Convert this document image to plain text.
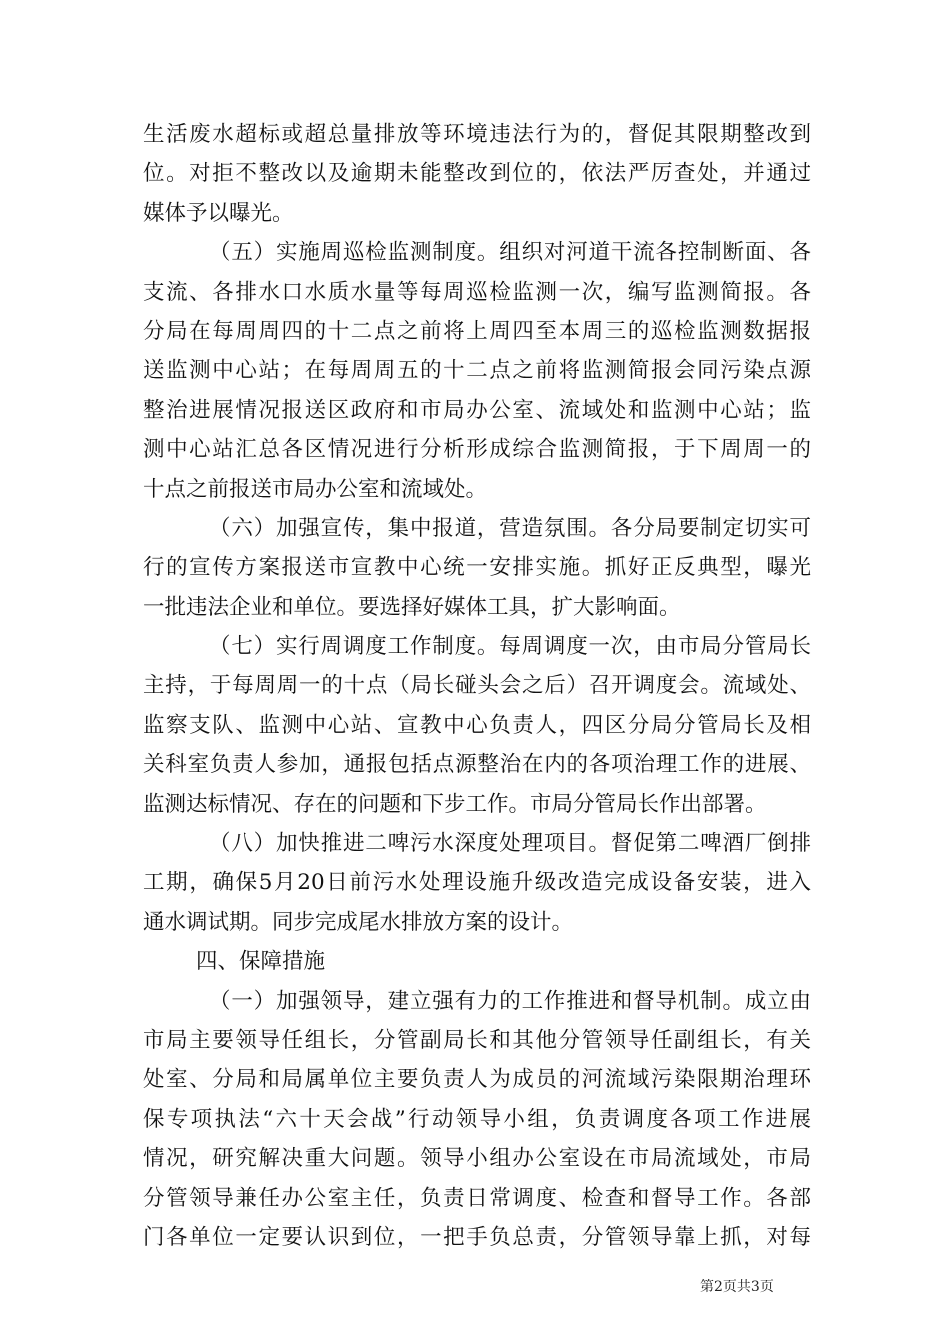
生活废水超标或超总量排放等环境违法行为的，督促其限期整改到
位。对拒不整改以及逾期未能整改到位的，依法严厉查处，并通过
媒体予以曝光。
（五）实施周巡检监测制度。组织对河道干流各控制断面、各
支流、各排水口水质水量等每周巡检监测一次，编写监测简报。各
分局在每周周四的十二点之前将上周四至本周三的巡检监测数据报
送监测中心站；在每周周五的十二点之前将监测简报会同污染点源
整治进展情况报送区政府和市局办公室、流域处和监测中心站；监
测中心站汇总各区情况进行分析形成综合监测简报，于下周周一的
十点之前报送市局办公室和流域处。
（六）加强宣传，集中报道，营造氛围。各分局要制定切实可
行的宣传方案报送市宣教中心统一安排实施。抓好正反典型，曝光
一批违法企业和单位。要选择好媒体工具，扩大影响面。
（七）实行周调度工作制度。每周调度一次，由市局分管局长
主持，于每周周一的十点（局长碰头会之后）召开调度会。流域处、
监察支队、监测中心站、宣教中心负责人，四区分局分管局长及相
关科室负责人参加，通报包括点源整治在内的各项治理工作的进展、
监测达标情况、存在的问题和下步工作。市局分管局长作出部署。
（八）加快推进二啤污水深度处理项目。督促第二啤酒厂倒排
工期，确保5月20日前污水处理设施升级改造完成设备安装，进入
通水调试期。同步完成尾水排放方案的设计。
四、保障措施
（一）加强领导，建立强有力的工作推进和督导机制。成立由
市局主要领导任组长，分管副局长和其他分管领导任副组长，有关
处室、分局和局属单位主要负责人为成员的河流域污染限期治理环
保专项执法“六十天会战”行动领导小组，负责调度各项工作进展
情况，研究解决重大问题。领导小组办公室设在市局流域处，市局
分管领导兼任办公室主任，负责日常调度、检查和督导工作。各部
门各单位一定要认识到位，一把手负总责，分管领导靠上抓，对每
第2页共3页
